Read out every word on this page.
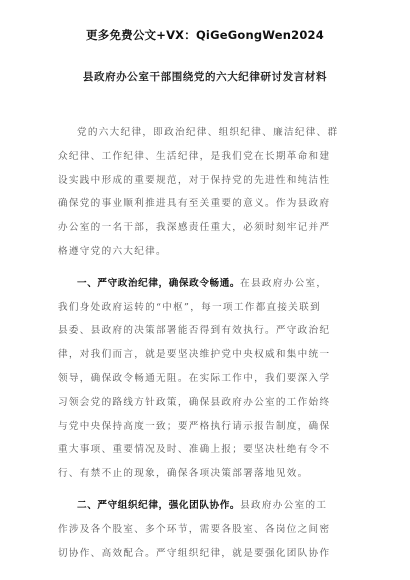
更多免费公文+VX：QiGeGongWen2024
县政府办公室干部围绕党的六大纪律研讨发言材料
党的六大纪律，即政治纪律、组织纪律、廉洁纪律、群
众纪律、工作纪律、生活纪律，是我们党在长期革命和建
设实践中形成的重要规范，对于保持党的先进性和纯洁性
确保党的事业顺利推进具有至关重要的意义。作为县政府
办公室的一名干部，我深感责任重大，必须时刻牢记并严
格遵守党的六大纪律。
一、严守政治纪律，确保政令畅通。在县政府办公室，
我们身处政府运转的“中枢”，每一项工作都直接关联到
县委、县政府的决策部署能否得到有效执行。严守政治纪
律，对我们而言，就是要坚决维护党中央权威和集中统一
领导，确保政令畅通无阻。在实际工作中，我们要深入学
习领会党的路线方针政策，确保县政府办公室的工作始终
与党中央保持高度一致；要严格执行请示报告制度，确保
重大事项、重要情况及时、准确上报；要坚决杜绝有令不
行、有禁不止的现象，确保各项决策部署落地见效。
二、严守组织纪律，强化团队协作。县政府办公室的工
作涉及各个股室、多个环节，需要各股室、各岗位之间密
切协作、高效配合。严守组织纪律，就是要强化团队协作
